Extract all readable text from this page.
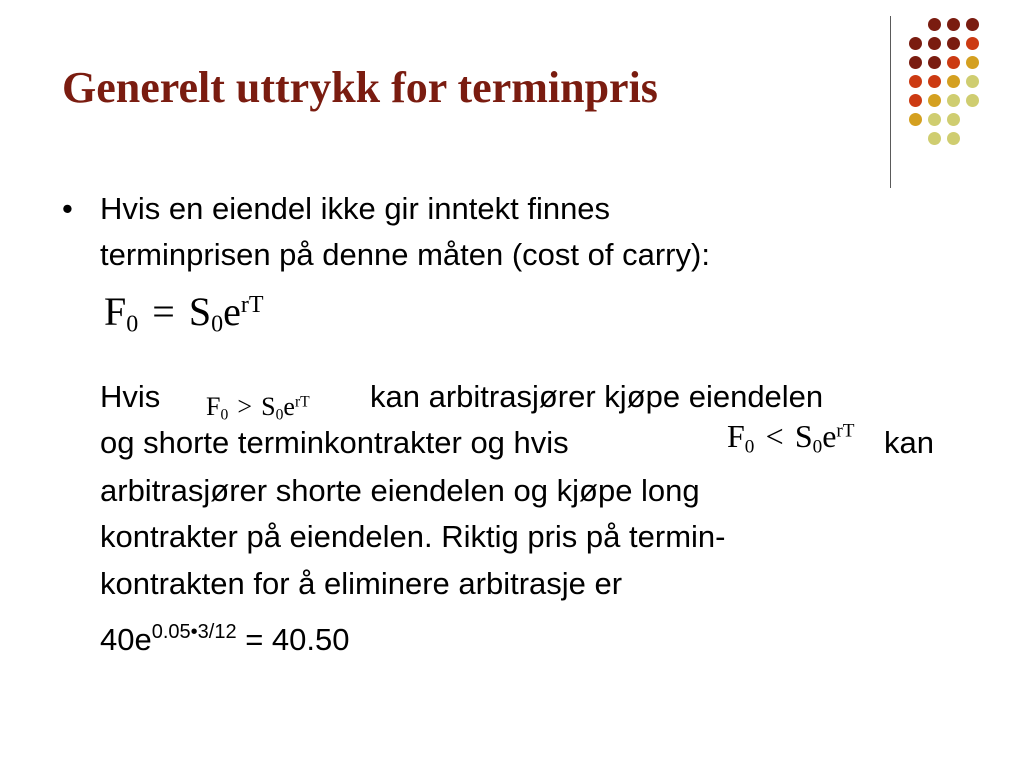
Generelt uttrykk for terminpris
• Hvis en eiendel ikke gir inntekt finnes
terminprisen på denne måten (cost of carry):
$F_0 = S_0e^{rT}$
Hvis $F_0 > S_0e^{rT}$ kan arbitrasjører kjøpe eiendelen
og shorte terminkontrakter og hvis	$F_0 < S_0e^{rT}$ kan
arbitrasjører shorte eiendelen og kjøpe long
kontrakter på eiendelen. Riktig pris på termin-
kontrakten for å eliminere arbitrasje er
$40e^{0.05•3/12} = 40.50$
